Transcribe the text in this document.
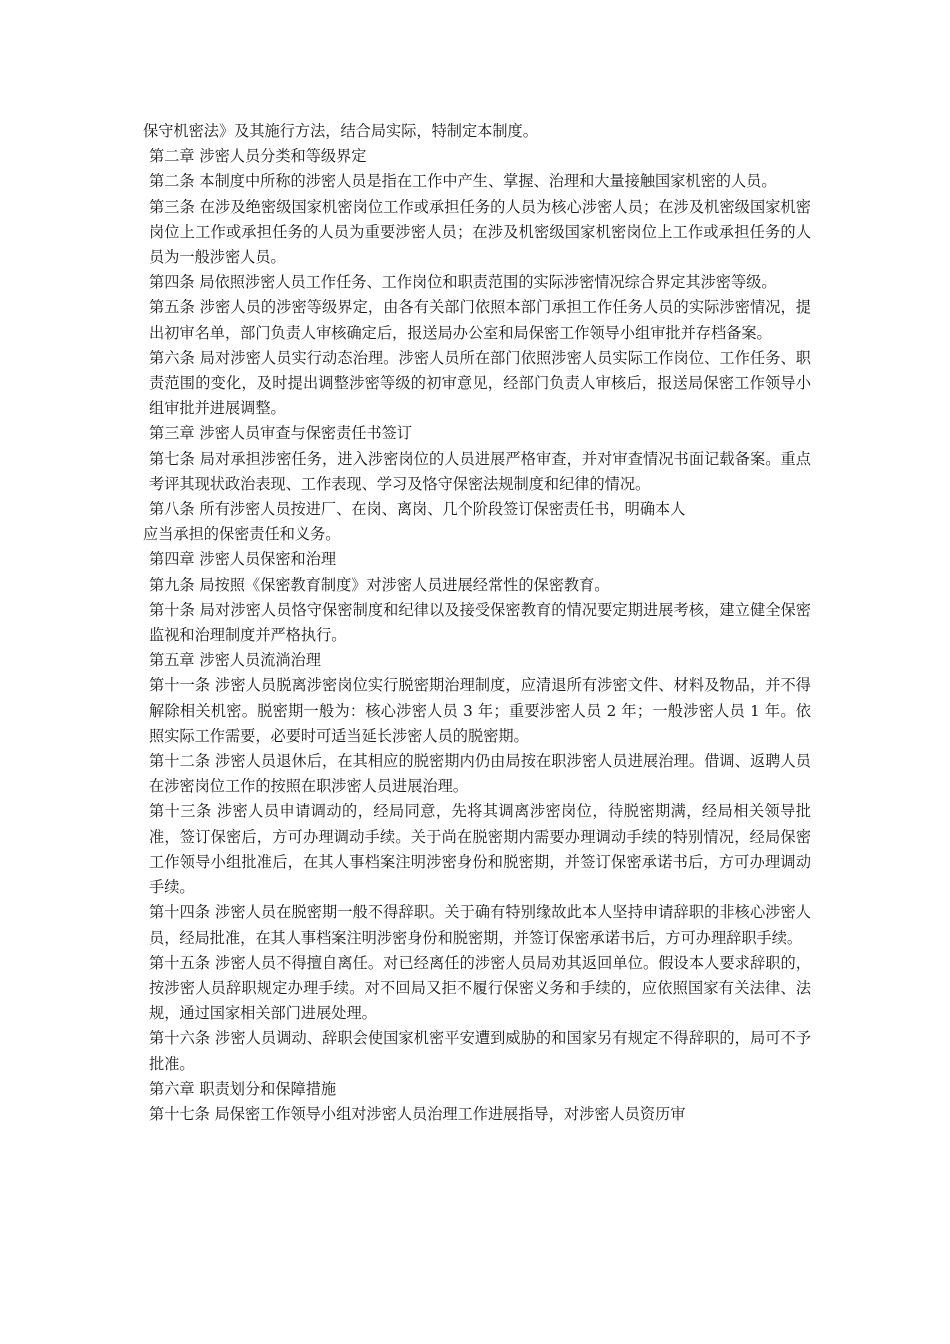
保守机密法》及其施行方法，结合局实际，特制定本制度。

第二章 涉密人员分类和等级界定

第二条 本制度中所称的涉密人员是指在工作中产生、掌握、治理和大量接触国家机密的人员。

第三条 在涉及绝密级国家机密岗位工作或承担任务的人员为核心涉密人员；在涉及机密级国家机密岗位上工作或承担任务的人员为重要涉密人员；在涉及机密级国家机密岗位上工作或承担任务的人员为一般涉密人员。

第四条 局依照涉密人员工作任务、工作岗位和职责范围的实际涉密情况综合界定其涉密等级。

第五条 涉密人员的涉密等级界定，由各有关部门依照本部门承担工作任务人员的实际涉密情况，提出初审名单，部门负责人审核确定后，报送局办公室和局保密工作领导小组审批并存档备案。

第六条 局对涉密人员实行动态治理。涉密人员所在部门依照涉密人员实际工作岗位、工作任务、职责范围的变化，及时提出调整涉密等级的初审意见，经部门负责人审核后，报送局保密工作领导小组审批并进展调整。

第三章 涉密人员审查与保密责任书签订

第七条 局对承担涉密任务，进入涉密岗位的人员进展严格审查，并对审查情况书面记载备案。重点考评其现状政治表现、工作表现、学习及恪守保密法规制度和纪律的情况。

第八条 所有涉密人员按进厂、在岗、离岗、几个阶段签订保密责任书，明确本人

应当承担的保密责任和义务。

第四章 涉密人员保密和治理

第九条 局按照《保密教育制度》对涉密人员进展经常性的保密教育。

第十条 局对涉密人员恪守保密制度和纪律以及接受保密教育的情况要定期进展考核，建立健全保密监视和治理制度并严格执行。

第五章 涉密人员流淌治理

第十一条 涉密人员脱离涉密岗位实行脱密期治理制度，应清退所有涉密文件、材料及物品，并不得解除相关机密。脱密期一般为：核心涉密人员 3 年；重要涉密人员 2 年；一般涉密人员 1 年。依照实际工作需要，必要时可适当延长涉密人员的脱密期。

第十二条 涉密人员退休后，在其相应的脱密期内仍由局按在职涉密人员进展治理。借调、返聘人员在涉密岗位工作的按照在职涉密人员进展治理。

第十三条 涉密人员申请调动的，经局同意，先将其调离涉密岗位，待脱密期满，经局相关领导批准，签订保密后，方可办理调动手续。关于尚在脱密期内需要办理调动手续的特别情况，经局保密工作领导小组批准后，在其人事档案注明涉密身份和脱密期，并签订保密承诺书后，方可办理调动手续。

第十四条 涉密人员在脱密期一般不得辞职。关于确有特别缘故此本人坚持申请辞职的非核心涉密人员，经局批准，在其人事档案注明涉密身份和脱密期，并签订保密承诺书后，方可办理辞职手续。

第十五条 涉密人员不得擅自离任。对已经离任的涉密人员局劝其返回单位。假设本人要求辞职的，按涉密人员辞职规定办理手续。对不回局又拒不履行保密义务和手续的，应依照国家有关法律、法规，通过国家相关部门进展处理。

第十六条 涉密人员调动、辞职会使国家机密平安遭到威胁的和国家另有规定不得辞职的，局可不予批准。

第六章 职责划分和保障措施

第十七条 局保密工作领导小组对涉密人员治理工作进展指导，对涉密人员资历审
